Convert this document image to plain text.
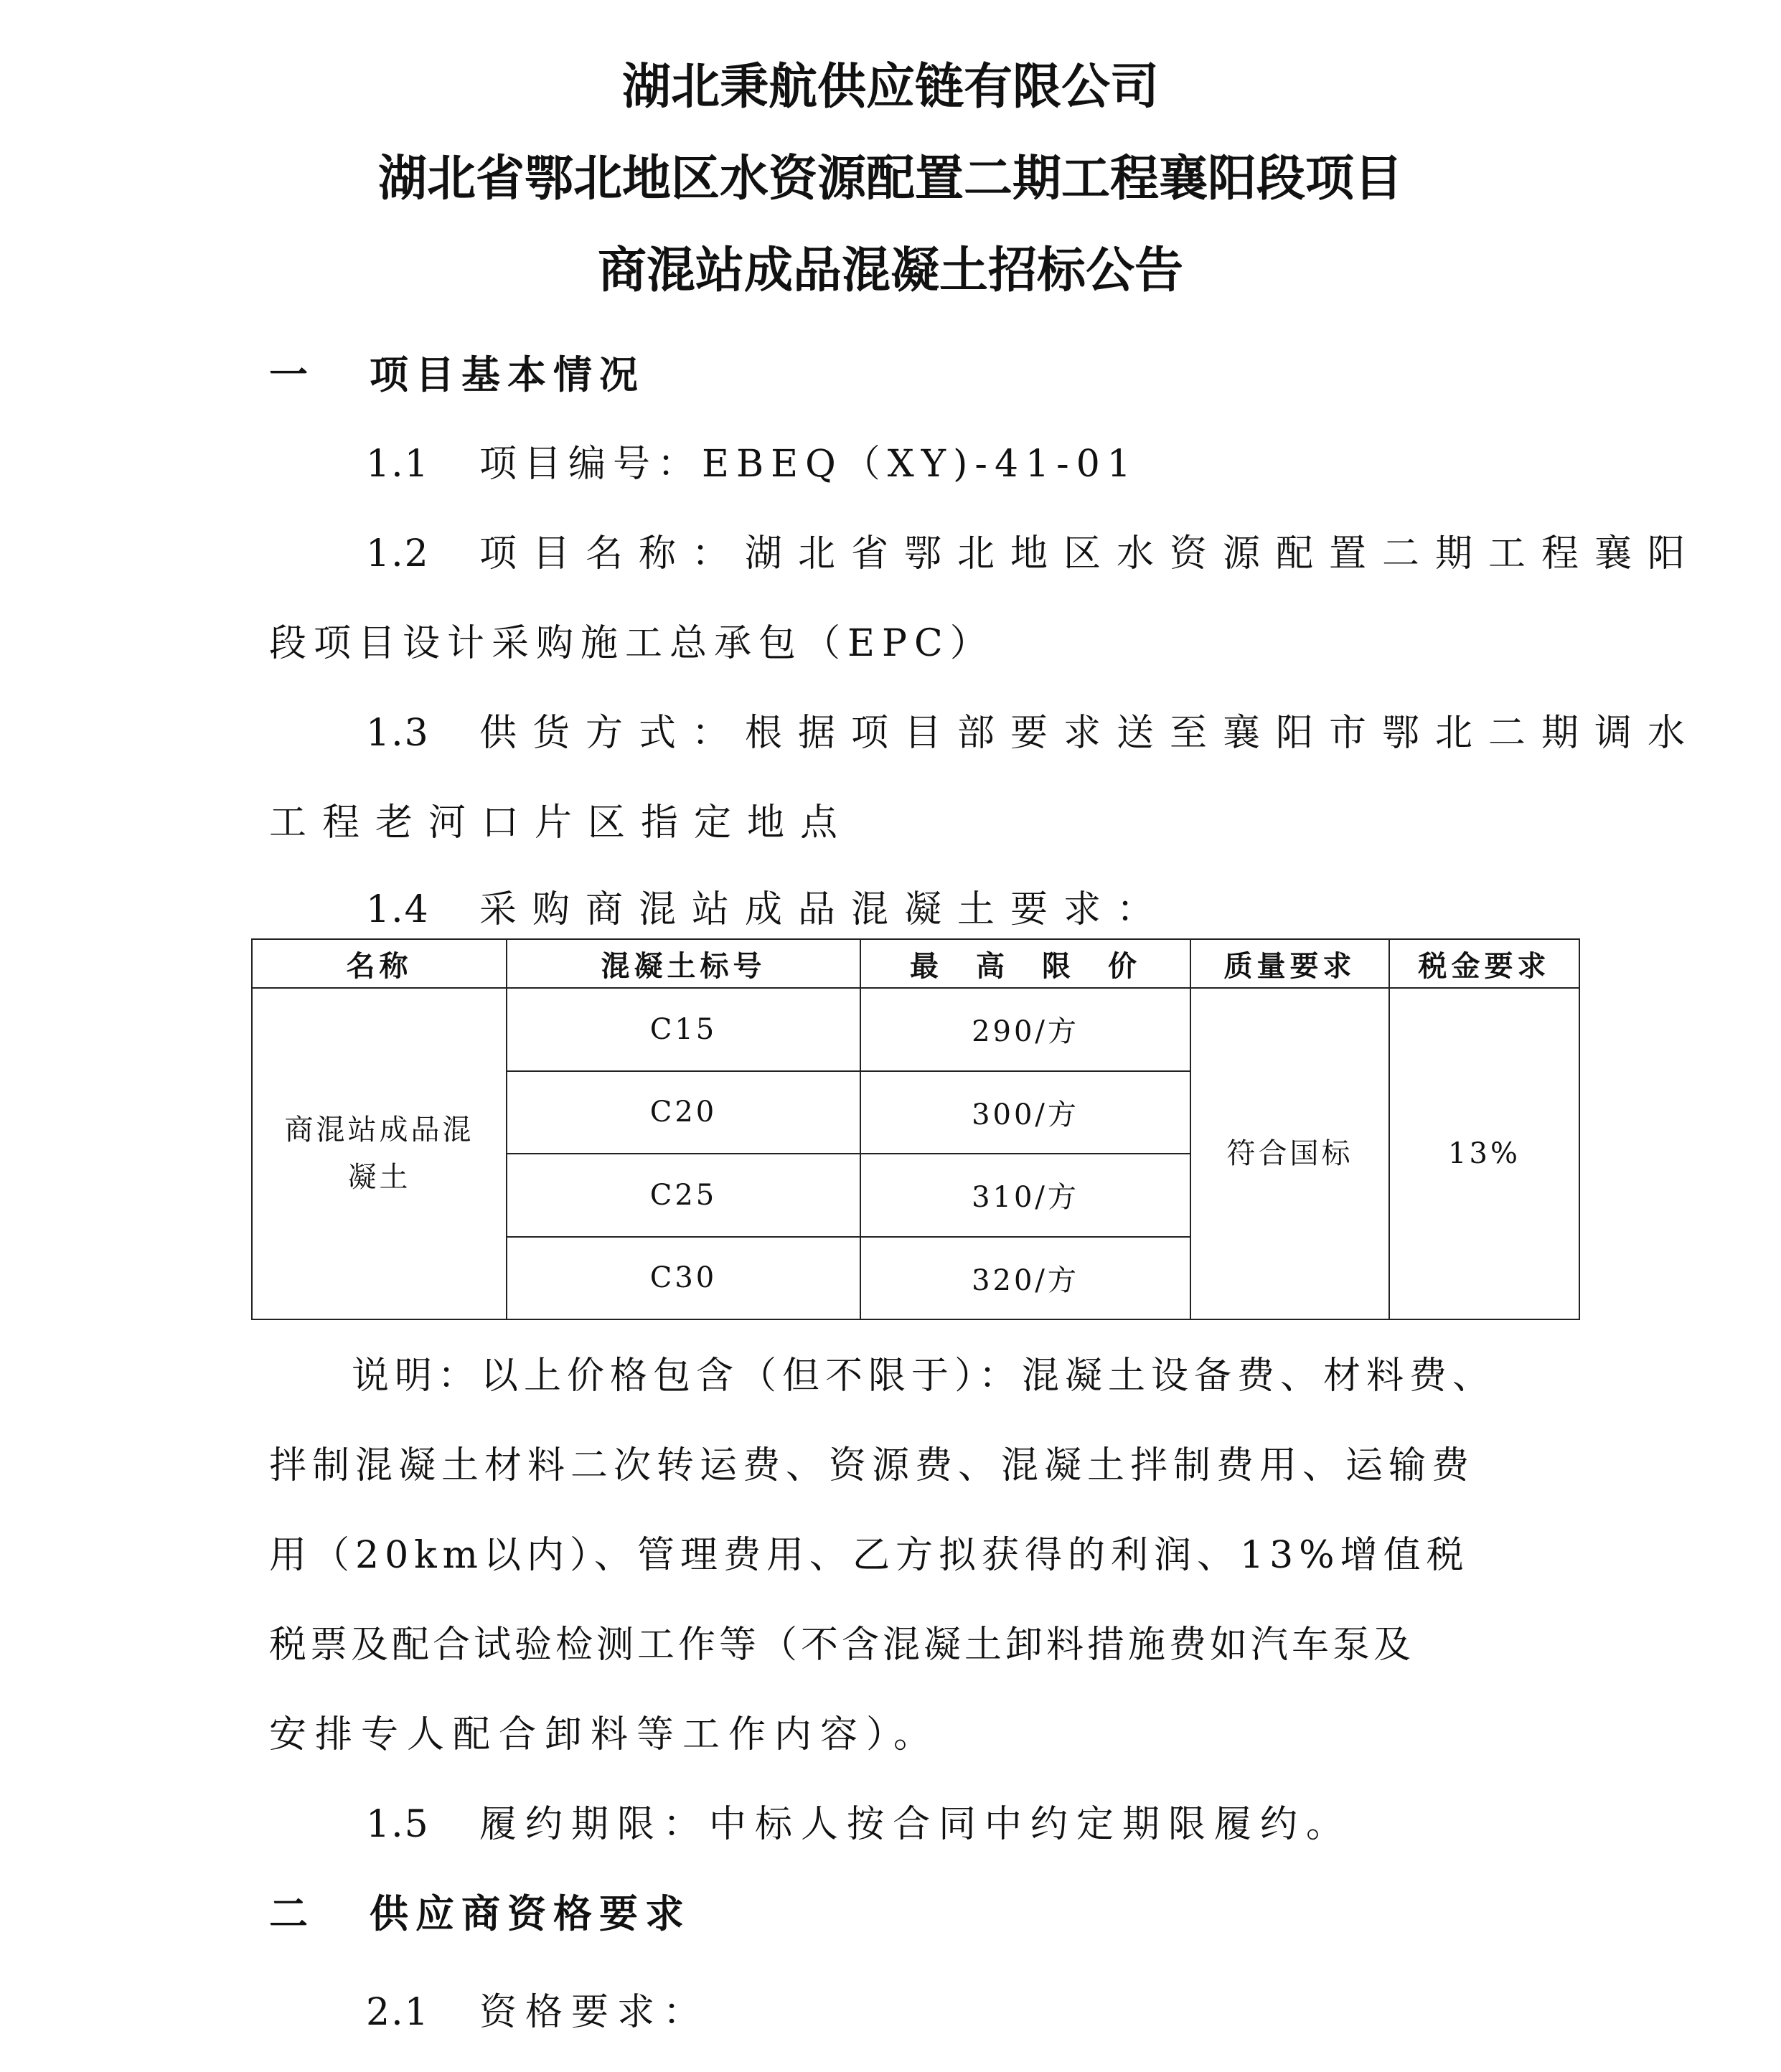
湖北秉航供应链有限公司
湖北省鄂北地区水资源配置二期工程襄阳段项目
商混站成品混凝土招标公告
一 项目基本情况
1.1 项目编号：EBEQ（XY)-41-01
1.2 项目名称：湖北省鄂北地区水资源配置二期工程襄阳
段项目设计采购施工总承包（EPC）
1.3 供货方式：根据项目部要求送至襄阳市鄂北二期调水
工程老河口片区指定地点
1.4 采购商混站成品混凝土要求：
名称	混凝土标号	最　高　限　价	质量要求	税金要求

商混站成品混
凝土	C15	290/方	符合国标	13%
	C20	300/方		
	C25	310/方		
	C30	320/方		
说明：以上价格包含（但不限于）：混凝土设备费、材料费、
拌制混凝土材料二次转运费、资源费、混凝土拌制费用、运输费
用（20km以内）、管理费用、乙方拟获得的利润、13%增值税
税票及配合试验检测工作等（不含混凝土卸料措施费如汽车泵及
安排专人配合卸料等工作内容）。
1.5 履约期限：中标人按合同中约定期限履约。
二 供应商资格要求
2.1 资格要求：
